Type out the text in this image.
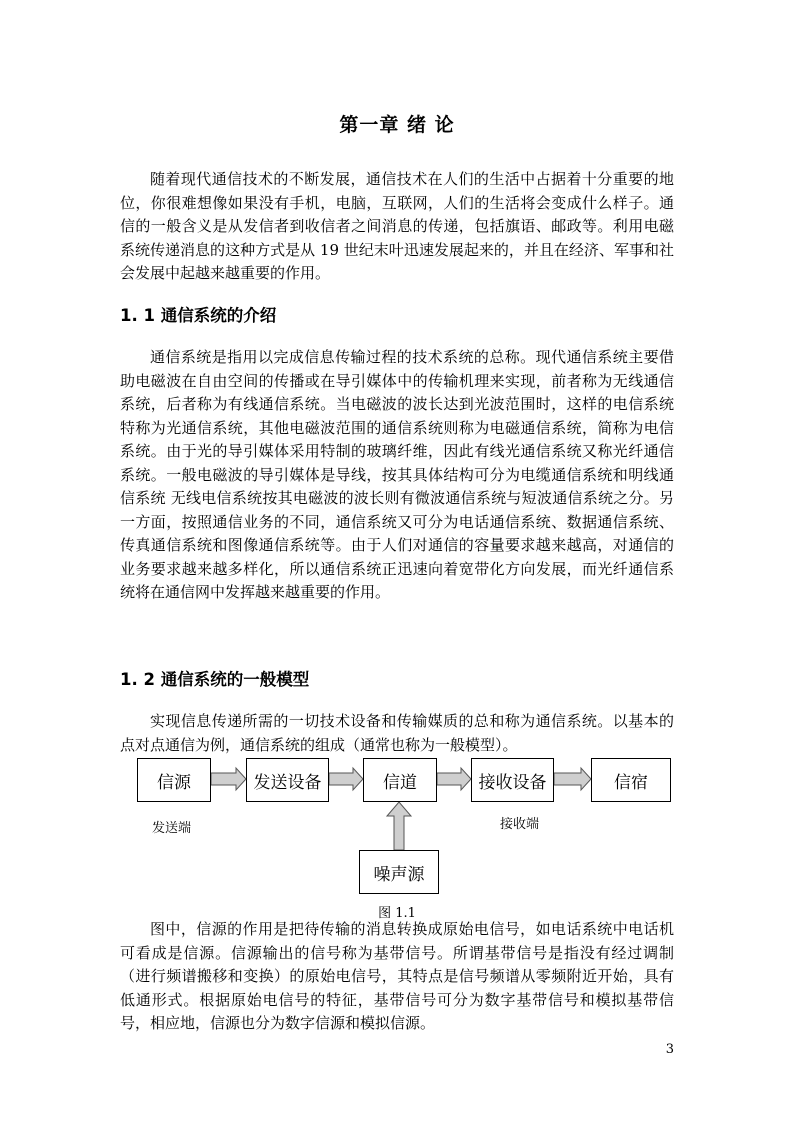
第一章 绪 论

随着现代通信技术的不断发展，通信技术在人们的生活中占据着十分重要的地位，你很难想像如果没有手机，电脑，互联网，人们的生活将会变成什么样子。通信的一般含义是从发信者到收信者之间消息的传递，包括旗语、邮政等。利用电磁系统传递消息的这种方式是从 19 世纪末叶迅速发展起来的，并且在经济、军事和社会发展中起越来越重要的作用。

1. 1 通信系统的介绍

通信系统是指用以完成信息传输过程的技术系统的总称。现代通信系统主要借助电磁波在自由空间的传播或在导引媒体中的传输机理来实现，前者称为无线通信系统，后者称为有线通信系统。当电磁波的波长达到光波范围时，这样的电信系统特称为光通信系统，其他电磁波范围的通信系统则称为电磁通信系统，简称为电信系统。由于光的导引媒体采用特制的玻璃纤维，因此有线光通信系统又称光纤通信系统。一般电磁波的导引媒体是导线，按其具体结构可分为电缆通信系统和明线通信系统 无线电信系统按其电磁波的波长则有微波通信系统与短波通信系统之分。另一方面，按照通信业务的不同，通信系统又可分为电话通信系统、数据通信系统、传真通信系统和图像通信系统等。由于人们对通信的容量要求越来越高，对通信的业务要求越来越多样化，所以通信系统正迅速向着宽带化方向发展，而光纤通信系统将在通信网中发挥越来越重要的作用。

1. 2 通信系统的一般模型

实现信息传递所需的一切技术设备和传输媒质的总和称为通信系统。以基本的点对点通信为例，通信系统的组成（通常也称为一般模型）。

信源	发送设备	信道	接收设备	信宿
噪声源
发送端	接收端
图 1.1

图中，信源的作用是把待传输的消息转换成原始电信号，如电话系统中电话机可看成是信源。信源输出的信号称为基带信号。所谓基带信号是指没有经过调制（进行频谱搬移和变换）的原始电信号，其特点是信号频谱从零频附近开始，具有低通形式。根据原始电信号的特征，基带信号可分为数字基带信号和模拟基带信号，相应地，信源也分为数字信源和模拟信源。

3
